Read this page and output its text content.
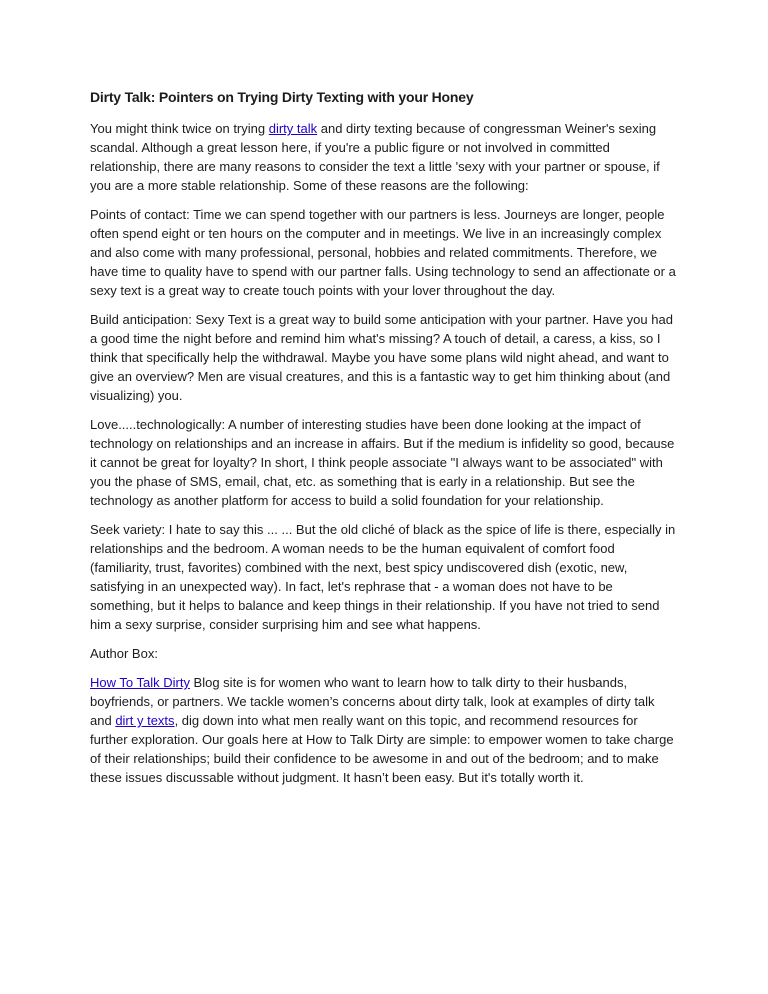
Dirty Talk: Pointers on Trying Dirty Texting with your Honey

You might think twice on trying dirty talk and dirty texting because of congressman Weiner's sexing scandal. Although a great lesson here, if you're a public figure or not involved in committed relationship, there are many reasons to consider the text a little 'sexy with your partner or spouse, if you are a more stable relationship. Some of these reasons are the following:

Points of contact: Time we can spend together with our partners is less. Journeys are longer, people often spend eight or ten hours on the computer and in meetings. We live in an increasingly complex and also come with many professional, personal, hobbies and related commitments. Therefore, we have time to quality have to spend with our partner falls. Using technology to send an affectionate or a sexy text is a great way to create touch points with your lover throughout the day.

Build anticipation: Sexy Text is a great way to build some anticipation with your partner. Have you had a good time the night before and remind him what's missing? A touch of detail, a caress, a kiss, so I think that specifically help the withdrawal. Maybe you have some plans wild night ahead, and want to give an overview? Men are visual creatures, and this is a fantastic way to get him thinking about (and visualizing) you.

Love.....technologically: A number of interesting studies have been done looking at the impact of technology on relationships and an increase in affairs. But if the medium is infidelity so good, because it cannot be great for loyalty? In short, I think people associate "I always want to be associated" with you the phase of SMS, email, chat, etc. as something that is early in a relationship. But see the technology as another platform for access to build a solid foundation for your relationship.

Seek variety: I hate to say this ... ... But the old cliché of black as the spice of life is there, especially in relationships and the bedroom. A woman needs to be the human equivalent of comfort food (familiarity, trust, favorites) combined with the next, best spicy undiscovered dish (exotic, new, satisfying in an unexpected way). In fact, let's rephrase that - a woman does not have to be something, but it helps to balance and keep things in their relationship. If you have not tried to send him a sexy surprise, consider surprising him and see what happens.

Author Box:

How To Talk Dirty Blog site is for women who want to learn how to talk dirty to their husbands, boyfriends, or partners. We tackle women’s concerns about dirty talk, look at examples of dirty talk and dirt y texts, dig down into what men really want on this topic, and recommend resources for further exploration. Our goals here at How to Talk Dirty are simple: to empower women to take charge of their relationships; build their confidence to be awesome in and out of the bedroom; and to make these issues discussable without judgment. It hasn’t been easy. But it's totally worth it.
